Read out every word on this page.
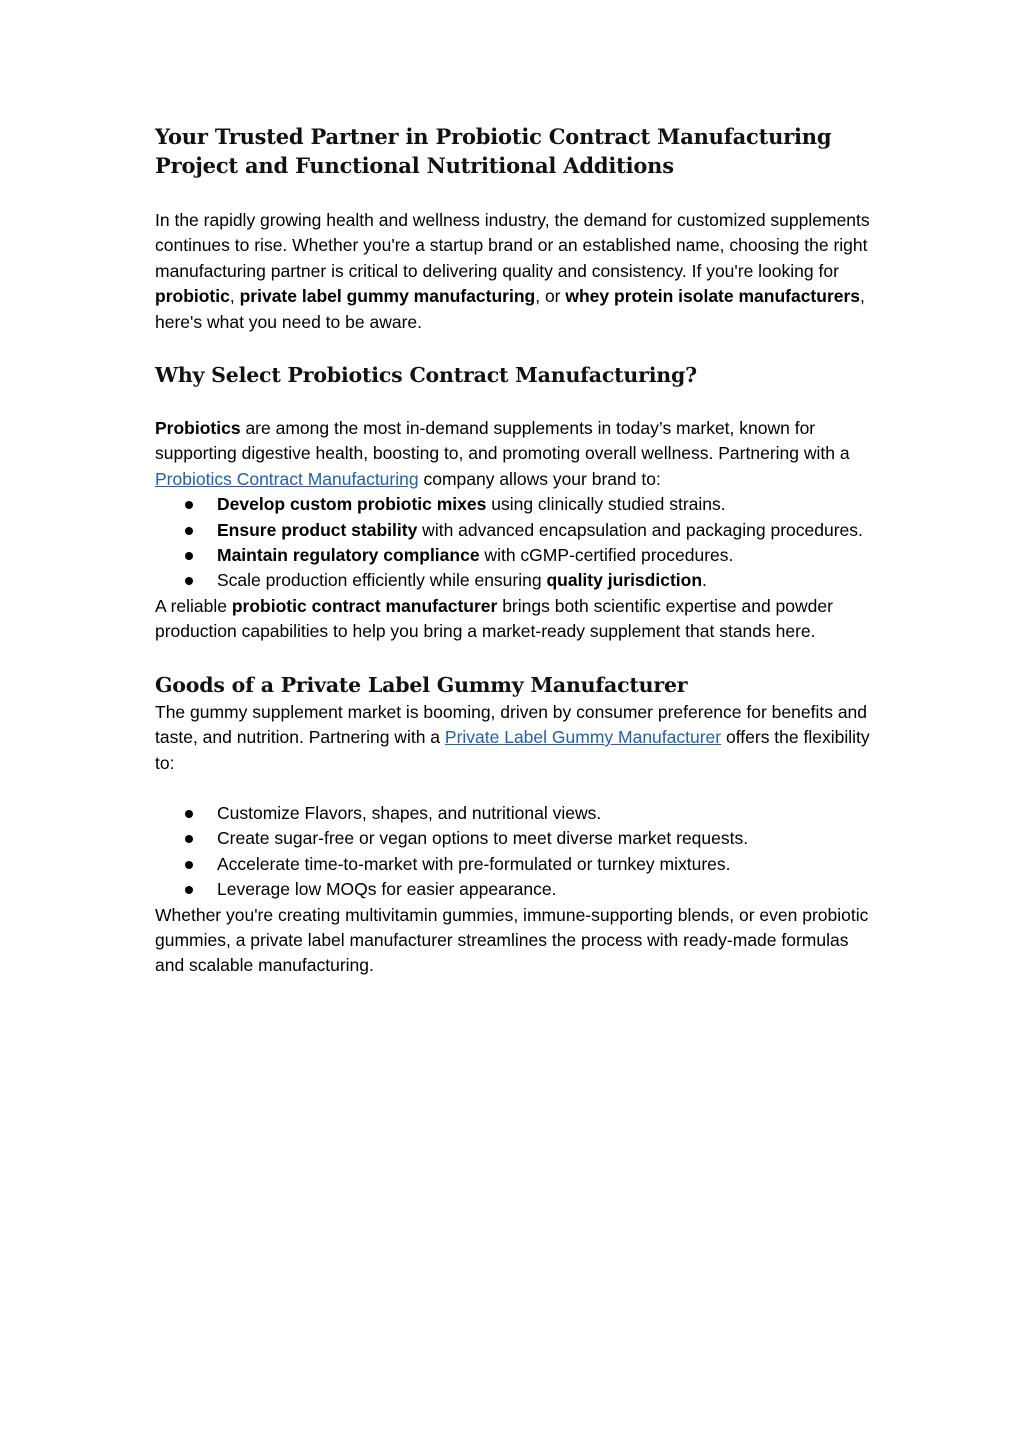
Your Trusted Partner in Probiotic Contract Manufacturing Project and Functional Nutritional Additions

In the rapidly growing health and wellness industry, the demand for customized supplements continues to rise. Whether you're a startup brand or an established name, choosing the right manufacturing partner is critical to delivering quality and consistency. If you're looking for probiotic, private label gummy manufacturing, or whey protein isolate manufacturers, here's what you need to be aware.

Why Select Probiotics Contract Manufacturing?

Probiotics are among the most in-demand supplements in today’s market, known for supporting digestive health, boosting to, and promoting overall wellness. Partnering with a Probiotics Contract Manufacturing company allows your brand to:

Develop custom probiotic mixes using clinically studied strains.
Ensure product stability with advanced encapsulation and packaging procedures.
Maintain regulatory compliance with cGMP-certified procedures.
Scale production efficiently while ensuring quality jurisdiction.

A reliable probiotic contract manufacturer brings both scientific expertise and powder production capabilities to help you bring a market-ready supplement that stands here.

Goods of a Private Label Gummy Manufacturer

The gummy supplement market is booming, driven by consumer preference for benefits and taste, and nutrition. Partnering with a Private Label Gummy Manufacturer offers the flexibility to:

Customize Flavors, shapes, and nutritional views.
Create sugar-free or vegan options to meet diverse market requests.
Accelerate time-to-market with pre-formulated or turnkey mixtures.
Leverage low MOQs for easier appearance.

Whether you're creating multivitamin gummies, immune-supporting blends, or even probiotic gummies, a private label manufacturer streamlines the process with ready-made formulas and scalable manufacturing.
